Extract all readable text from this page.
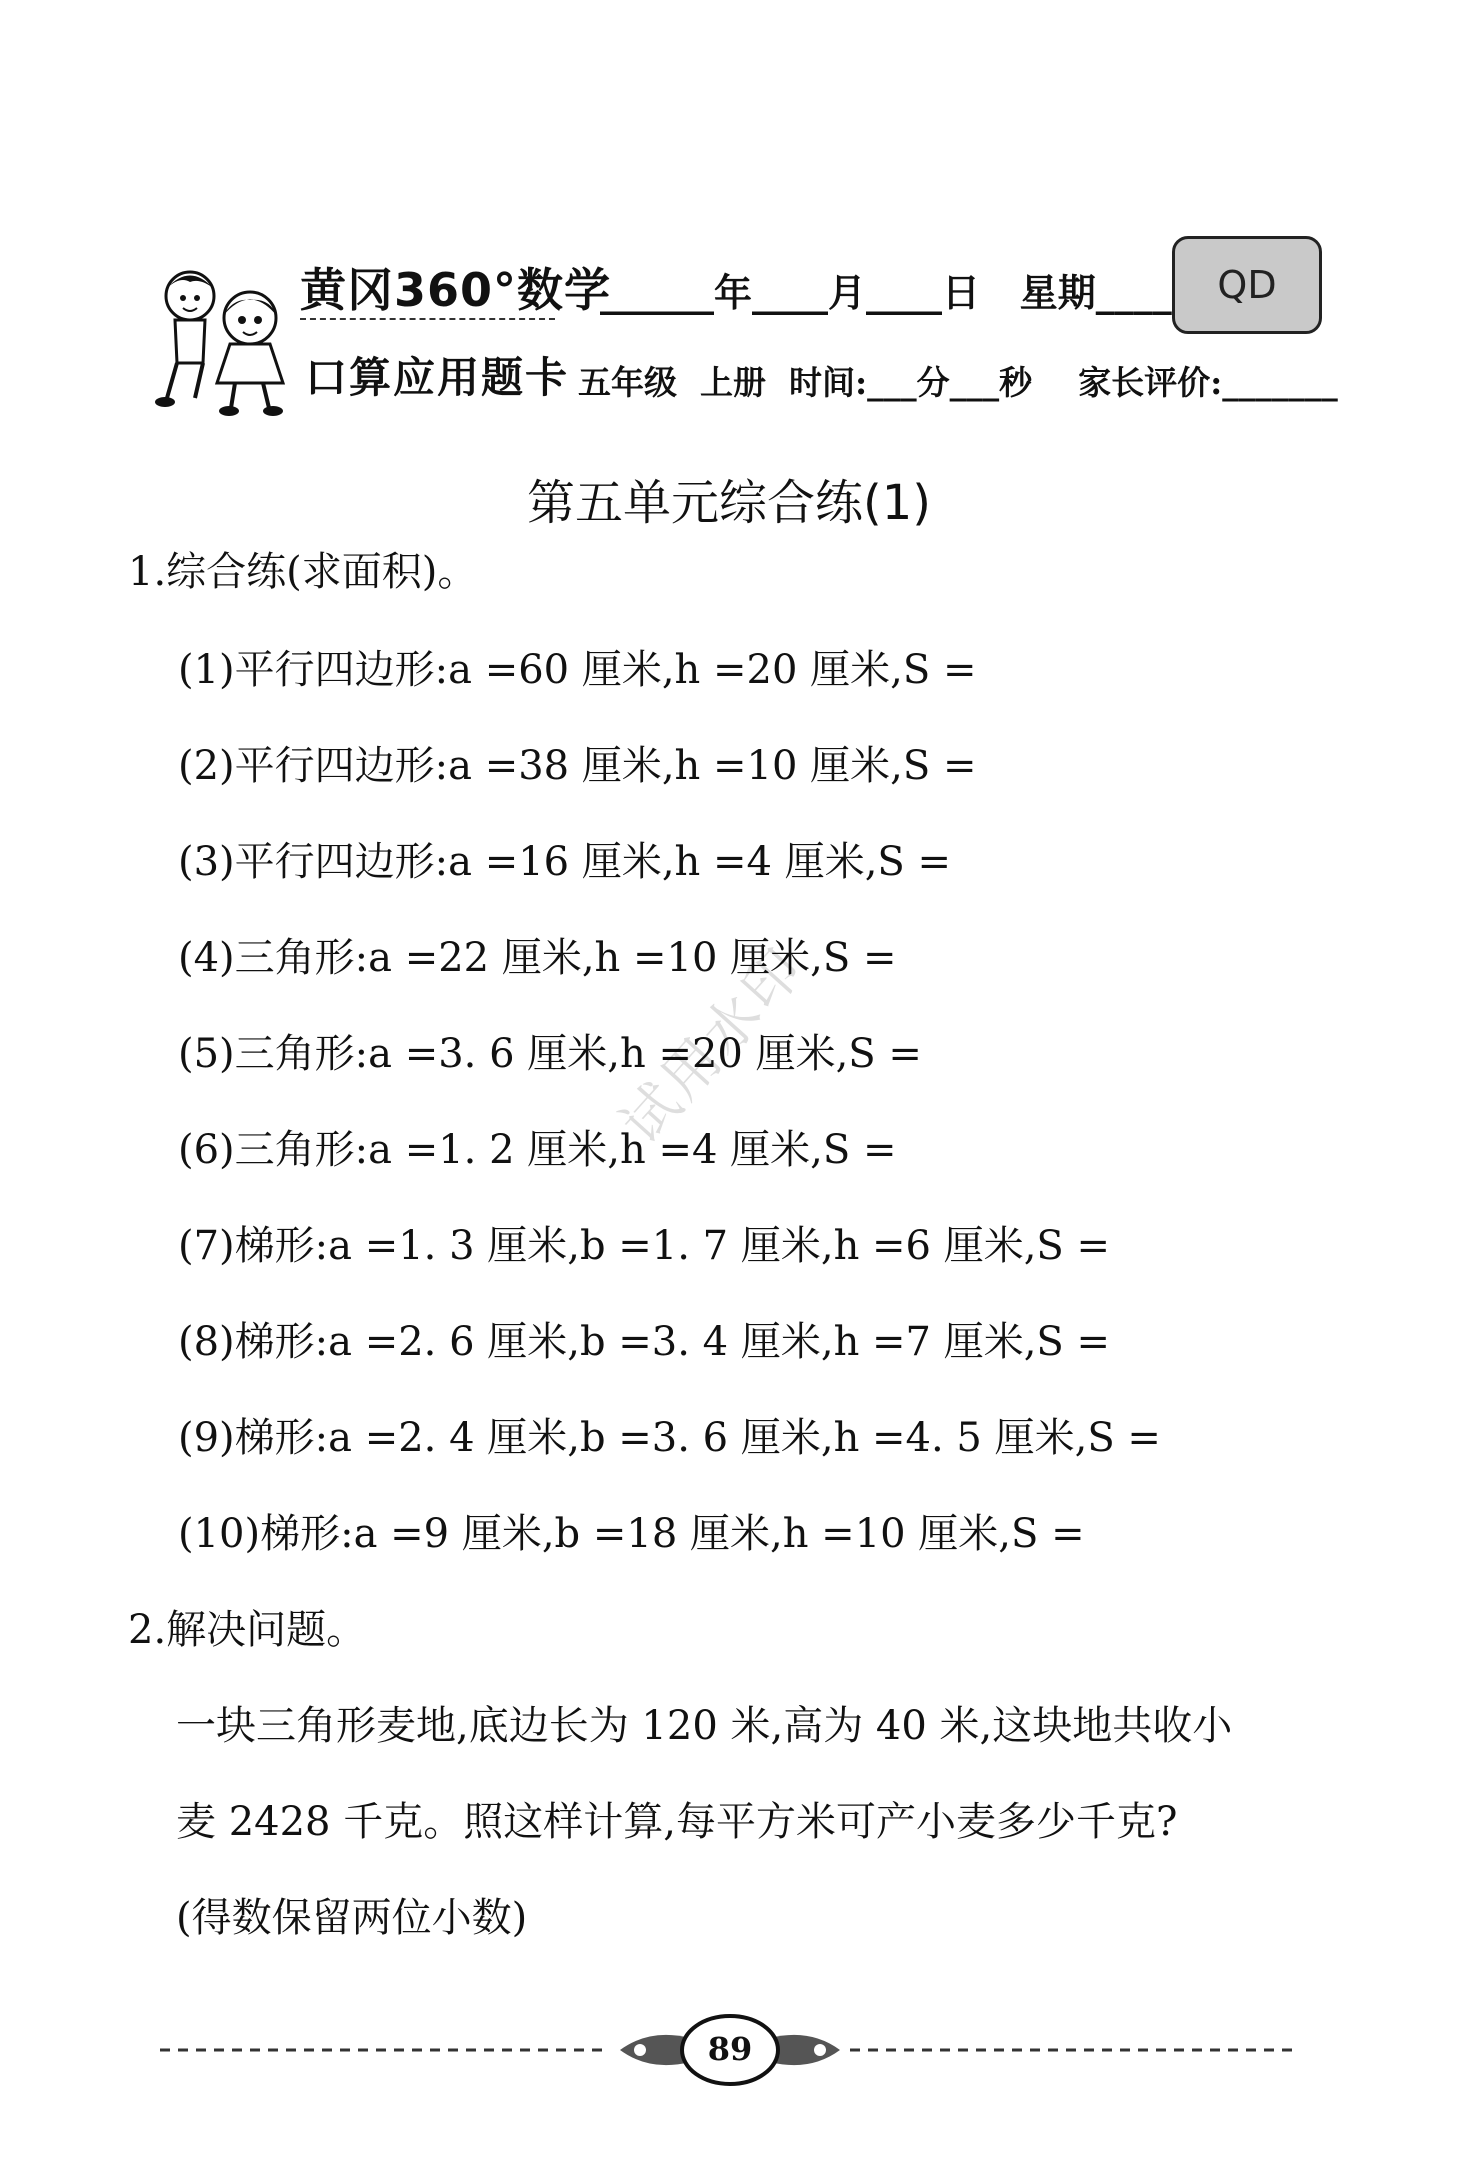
黄冈360°数学
口算应用题卡
______年____月____日   星期____
五年级  上册  时间:___分___秒    家长评价:_______
QD
第五单元综合练(1)
1.综合练(求面积)。
(1)平行四边形:a =60 厘米,h =20 厘米,S =
(2)平行四边形:a =38 厘米,h =10 厘米,S =
(3)平行四边形:a =16 厘米,h =4 厘米,S =
(4)三角形:a =22 厘米,h =10 厘米,S =
(5)三角形:a =3. 6 厘米,h =20 厘米,S =
(6)三角形:a =1. 2 厘米,h =4 厘米,S =
(7)梯形:a =1. 3 厘米,b =1. 7 厘米,h =6 厘米,S =
(8)梯形:a =2. 6 厘米,b =3. 4 厘米,h =7 厘米,S =
(9)梯形:a =2. 4 厘米,b =3. 6 厘米,h =4. 5 厘米,S =
(10)梯形:a =9 厘米,b =18 厘米,h =10 厘米,S =
2.解决问题。
一块三角形麦地,底边长为 120 米,高为 40 米,这块地共收小
麦 2428 千克。照这样计算,每平方米可产小麦多少千克?
(得数保留两位小数)
试用水印
89
